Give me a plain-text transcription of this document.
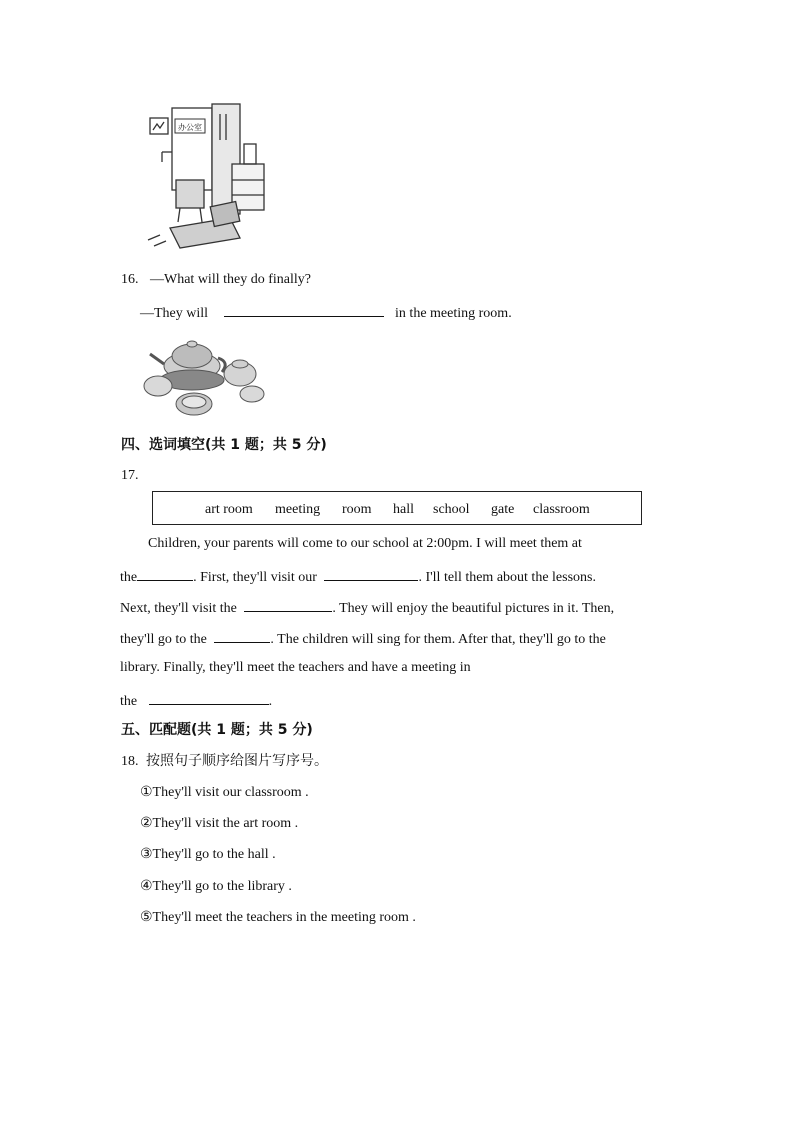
办公室
16. —What will they do finally?
—They will	in the meeting room.
四、选词填空(共 1 题；共 5 分)
17.
art room meeting room hall school gate classroom
Children, your parents will come to our school at 2:00pm. I will meet them at
the	. First, they'll visit our	. I'll tell them about the lessons.
Next, they'll visit the	. They will enjoy the beautiful pictures in it. Then,
they'll go to the	. The children will sing for them. After that, they'll go to the
library. Finally, they'll meet the teachers and have a meeting in
the	.
五、匹配题(共 1 题；共 5 分)
18. 按照句子顺序给图片写序号。
①They'll visit our classroom .
②They'll visit the art room .
③They'll go to the hall .
④They'll go to the library .
⑤They'll meet the teachers in the meeting room .
